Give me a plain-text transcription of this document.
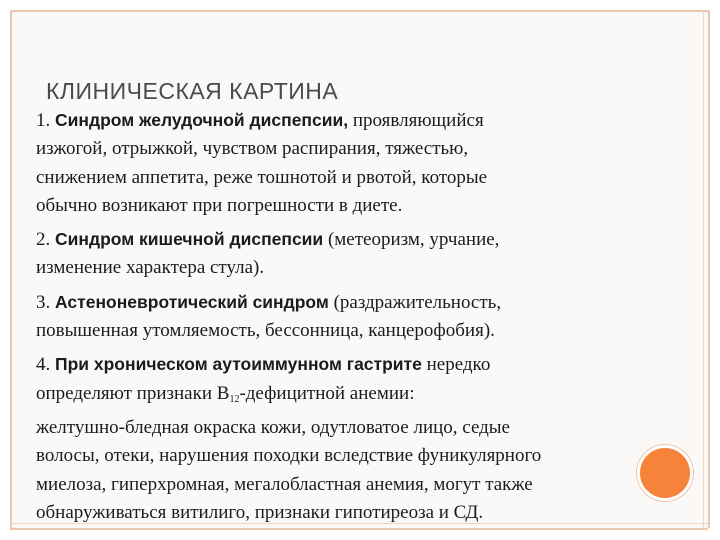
КЛИНИЧЕСКАЯ КАРТИНА

1. Синдром желудочной диспепсии, проявляющийся
изжогой, отрыжкой, чувством распирания, тяжестью,
снижением аппетита, реже тошнотой и рвотой, которые
обычно возникают при погрешности в диете.

2. Синдром кишечной диспепсии (метеоризм, урчание,
изменение характера стула).

3. Астеноневротический синдром (раздражительность,
повышенная утомляемость, бессонница, канцерофобия).

4. При хроническом аутоиммунном гастрите нередко
определяют признаки $В_{12}$-дефицитной анемии:
желтушно-бледная окраска кожи, одутловатое лицо, седые
волосы, отеки, нарушения походки вследствие фуникулярного
миелоза, гиперхромная, мегалобластная анемия, могут также
обнаруживаться витилиго, признаки гипотиреоза и СД.
